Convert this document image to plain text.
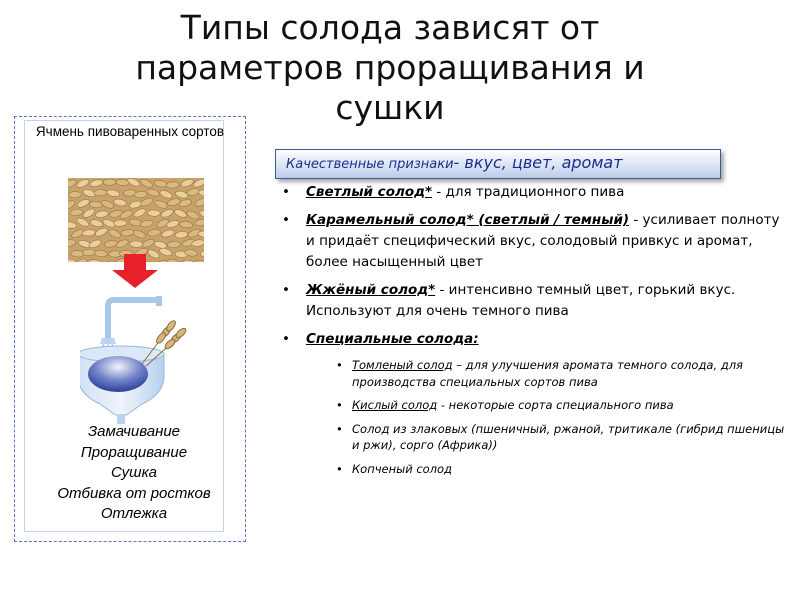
Типы солода зависят от параметров проращивания и сушки
Ячмень пивоваренных сортов
Замачивание
Проращивание
Сушка
Отбивка от ростков
Отлежка
Качественные признаки- вкус, цвет, аромат
• Светлый солод* - для традиционного пива
• Карамельный солод* (светлый / темный) - усиливает полноту и придаёт специфический вкус, солодовый привкус и аромат, более насыщенный цвет
• Жжёный солод* - интенсивно темный цвет, горький вкус. Используют для очень темного пива
• Специальные солода:
• Томленый солод – для улучшения аромата темного солода, для производства специальных сортов пива
• Кислый солод - некоторые сорта специального пива
• Солод из злаковых (пшеничный, ржаной, тритикале (гибрид пшеницы и ржи), сорго (Африка))
• Копченый солод
